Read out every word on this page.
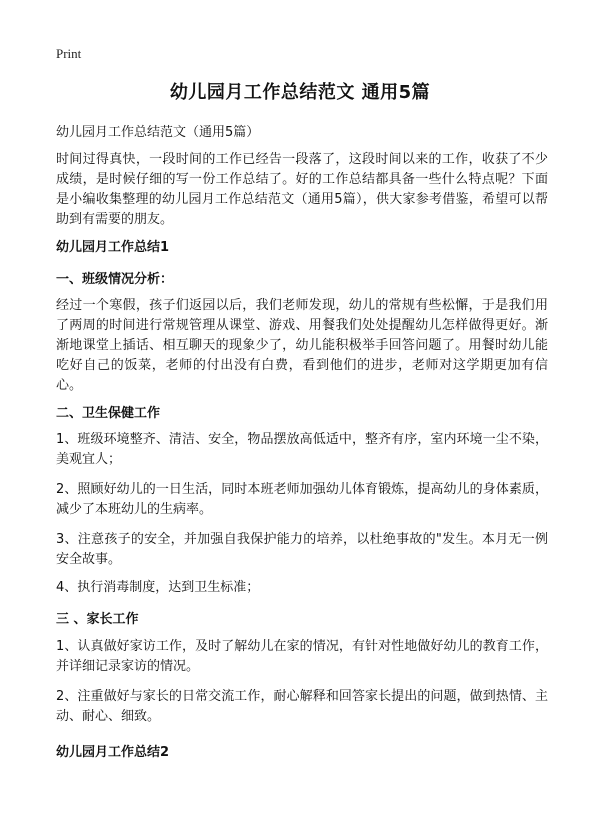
Print
幼儿园月工作总结范文 通用5篇
幼儿园月工作总结范文（通用5篇）
时间过得真快，一段时间的工作已经告一段落了，这段时间以来的工作，收获了不少成绩，是时候仔细的写一份工作总结了。好的工作总结都具备一些什么特点呢？下面是小编收集整理的幼儿园月工作总结范文（通用5篇），供大家参考借鉴，希望可以帮助到有需要的朋友。
幼儿园月工作总结1
一、班级情况分析：
经过一个寒假，孩子们返园以后，我们老师发现，幼儿的常规有些松懈，于是我们用了两周的时间进行常规管理从课堂、游戏、用餐我们处处提醒幼儿怎样做得更好。渐渐地课堂上插话、相互聊天的现象少了，幼儿能积极举手回答问题了。用餐时幼儿能吃好自己的饭菜，老师的付出没有白费，看到他们的进步，老师对这学期更加有信心。
二、卫生保健工作
1、班级环境整齐、清洁、安全，物品摆放高低适中，整齐有序，室内环境一尘不染，美观宜人；
2、照顾好幼儿的一日生活，同时本班老师加强幼儿体育锻炼，提高幼儿的身体素质，减少了本班幼儿的生病率。
3、注意孩子的安全，并加强自我保护能力的培养，以杜绝事故的"发生。本月无一例安全故事。
4、执行消毒制度，达到卫生标准；
三 、家长工作
1、认真做好家访工作，及时了解幼儿在家的情况，有针对性地做好幼儿的教育工作，并详细记录家访的情况。
2、注重做好与家长的日常交流工作，耐心解释和回答家长提出的问题，做到热情、主动、耐心、细致。
幼儿园月工作总结2
